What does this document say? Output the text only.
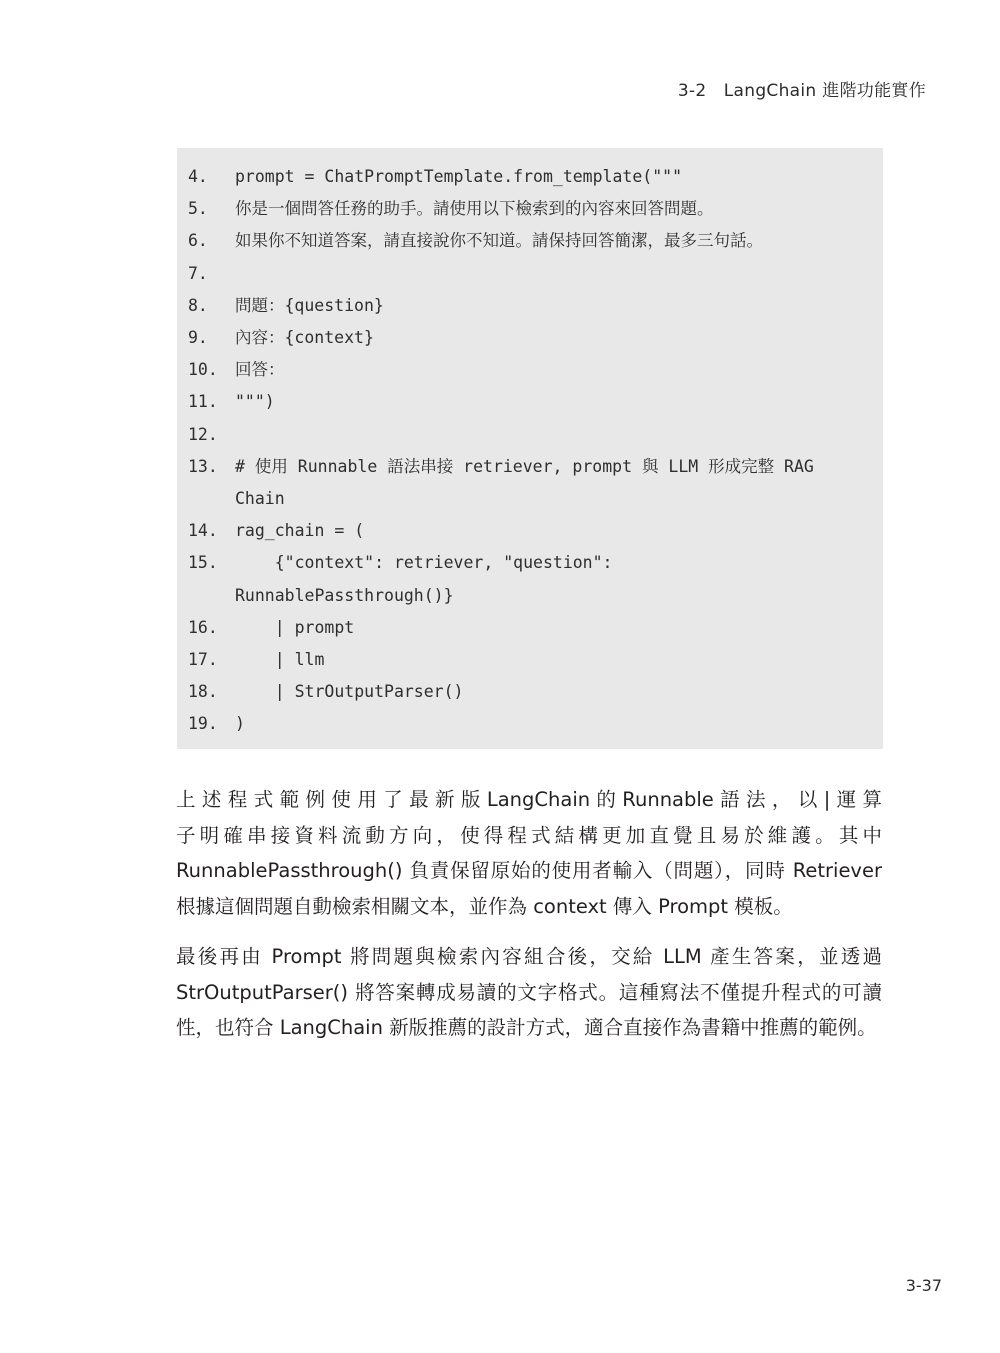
3-2 LangChain 進階功能實作
4.	prompt = ChatPromptTemplate.from_template("""
5.	你是一個問答任務的助手。請使用以下檢索到的內容來回答問題。
6.	如果你不知道答案，請直接說你不知道。請保持回答簡潔，最多三句話。
7.
8.	問題：{question}
9.	內容：{context}
10.	回答：
11.	""")
12.
13.	# 使用 Runnable 語法串接 retriever, prompt 與 LLM 形成完整 RAG
Chain
14.	rag_chain = (
15.	{"context": retriever, "question":
RunnablePassthrough()}
16.	| prompt
17.	| llm
18.	| StrOutputParser()
19.	)

上 述 程 式 範 例 使 用 了 最 新 版 LangChain 的 Runnable 語 法 ， 以 | 運 算 子明確串接資料流動方向，使得程式結構更加直覺且易於維護。其中 RunnablePassthrough() 負責保留原始的使用者輸入（問題），同時 Retriever 根據這個問題自動檢索相關文本，並作為 context 傳入 Prompt 模板。

最後再由 Prompt 將問題與檢索內容組合後，交給 LLM 產生答案，並透過 StrOutputParser() 將答案轉成易讀的文字格式。這種寫法不僅提升程式的可讀性，也符合 LangChain 新版推薦的設計方式，適合直接作為書籍中推薦的範例。

3-37
